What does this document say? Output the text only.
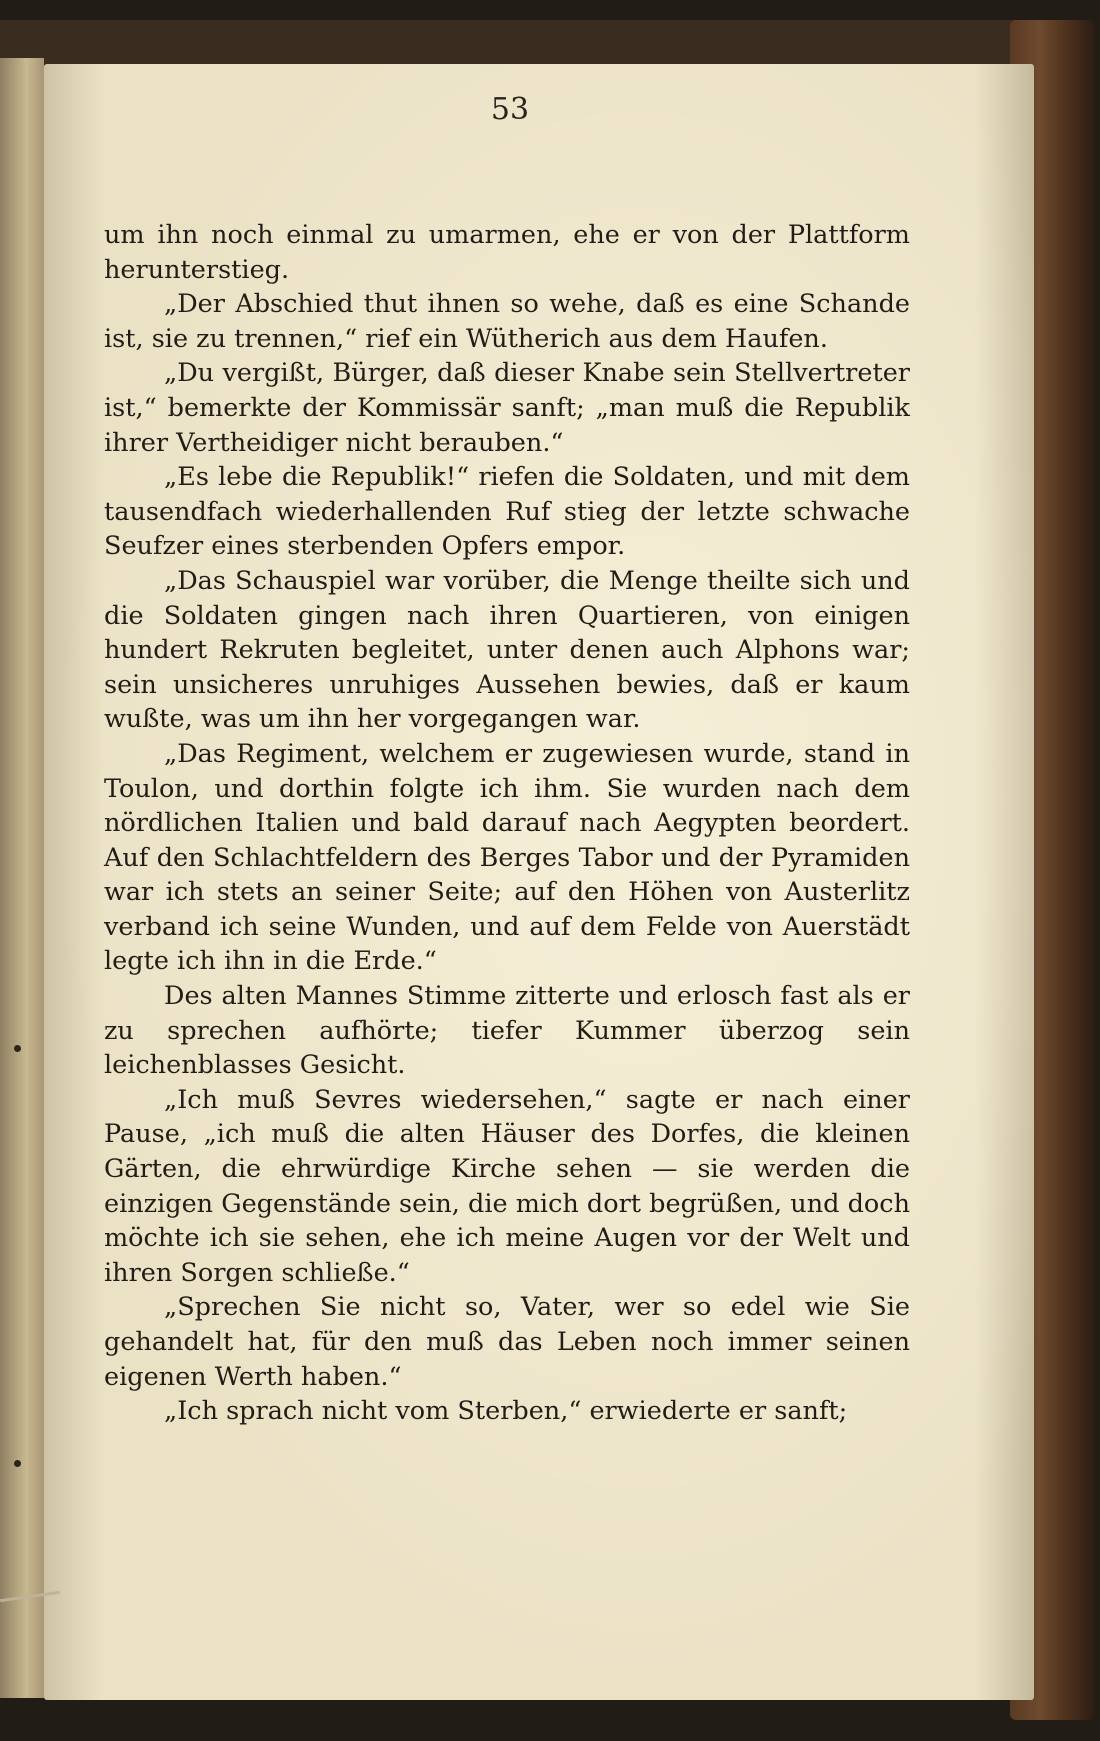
53

um ihn noch einmal zu umarmen, ehe er von der Plattform herunterstieg.

„Der Abschied thut ihnen so wehe, daß es eine Schande ist, sie zu trennen,“ rief ein Wütherich aus dem Haufen.

„Du vergißt, Bürger, daß dieser Knabe sein Stellvertreter ist,“ bemerkte der Kommissär sanft; „man muß die Republik ihrer Vertheidiger nicht berauben.“

„Es lebe die Republik!“ riefen die Soldaten, und mit dem tausendfach wiederhallenden Ruf stieg der letzte schwache Seufzer eines sterbenden Opfers empor.

„Das Schauspiel war vorüber, die Menge theilte sich und die Soldaten gingen nach ihren Quartieren, von einigen hundert Rekruten begleitet, unter denen auch Alphons war; sein unsicheres unruhiges Aussehen bewies, daß er kaum wußte, was um ihn her vorgegangen war.

„Das Regiment, welchem er zugewiesen wurde, stand in Toulon, und dorthin folgte ich ihm. Sie wurden nach dem nördlichen Italien und bald darauf nach Aegypten beordert. Auf den Schlachtfeldern des Berges Tabor und der Pyramiden war ich stets an seiner Seite; auf den Höhen von Austerlitz verband ich seine Wunden, und auf dem Felde von Auerstädt legte ich ihn in die Erde.“

Des alten Mannes Stimme zitterte und erlosch fast als er zu sprechen aufhörte; tiefer Kummer überzog sein leichenblasses Gesicht.

„Ich muß Sevres wiedersehen,“ sagte er nach einer Pause, „ich muß die alten Häuser des Dorfes, die kleinen Gärten, die ehrwürdige Kirche sehen — sie werden die einzigen Gegenstände sein, die mich dort begrüßen, und doch möchte ich sie sehen, ehe ich meine Augen vor der Welt und ihren Sorgen schließe.“

„Sprechen Sie nicht so, Vater, wer so edel wie Sie gehandelt hat, für den muß das Leben noch immer seinen eigenen Werth haben.“

„Ich sprach nicht vom Sterben,“ erwiederte er sanft;
